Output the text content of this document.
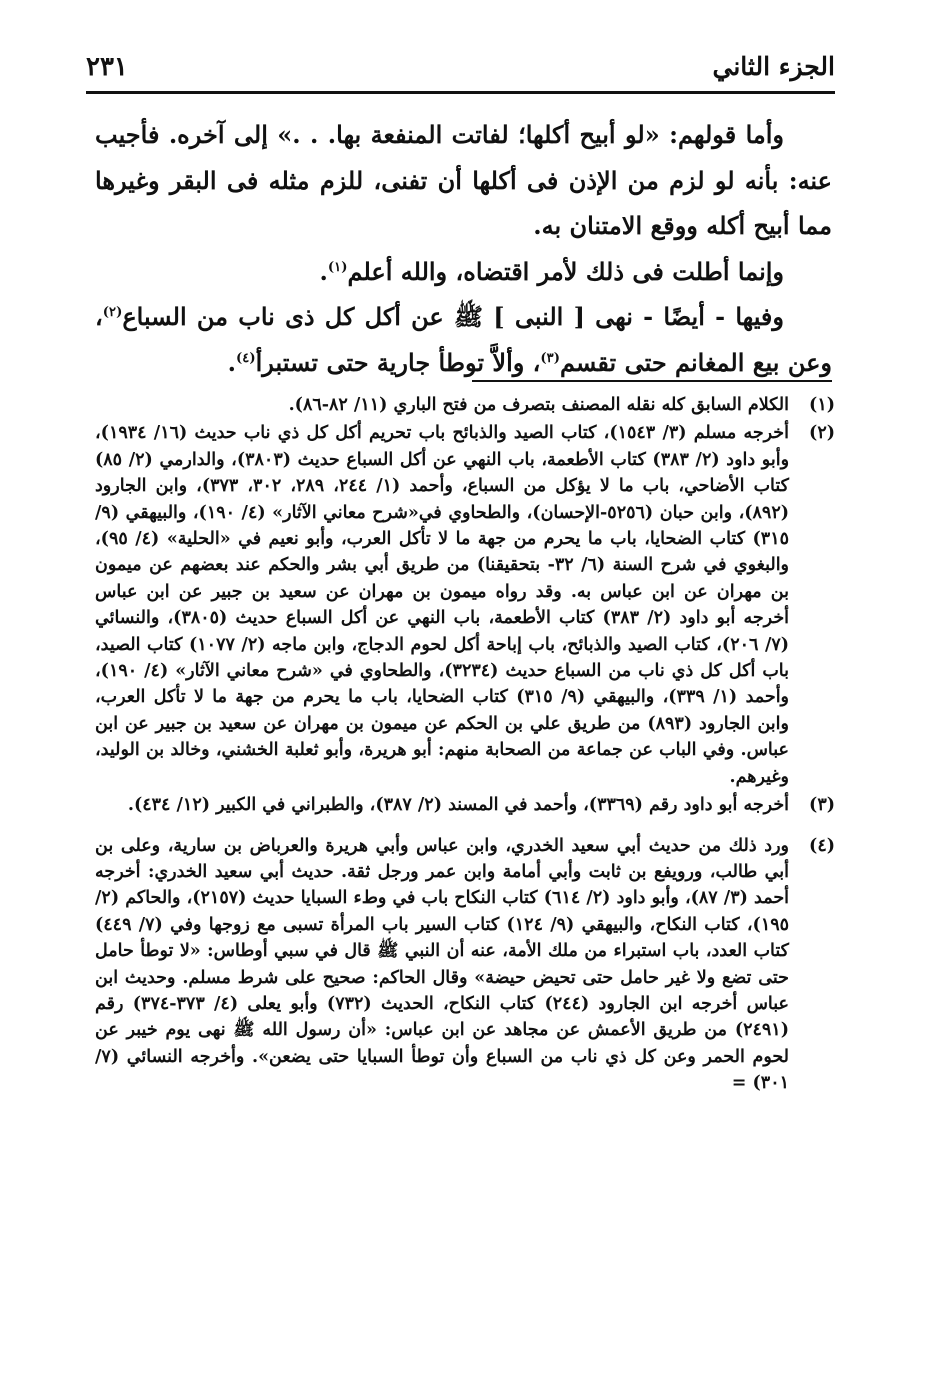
الجزء الثاني
٢٣١

وأما قولهم: «لو أبيح أكلها؛ لفاتت المنفعة بها. . .» إلى آخره. فأجيب عنه: بأنه لو لزم من الإذن فى أكلها أن تفنى، للزم مثله فى البقر وغيرها مما أبيح أكله ووقع الامتنان به.

وإنما أطلت فى ذلك لأمر اقتضاه، والله أعلم$^{(١)}$.

وفيها - أيضًا - نهى [ النبى ] ﷺ عن أكل كل ذى ناب من السباع$^{(٢)}$، وعن بيع المغانم حتى تقسم$^{(٣)}$، وألاَّ توطأ جارية حتى تستبرأ$^{(٤)}$.

(١)
الكلام السابق كله نقله المصنف بتصرف من فتح الباري (١١/ ٨٢-٨٦).
(٢)
أخرجه مسلم (٣/ ١٥٤٣)، كتاب الصيد والذبائح باب تحريم أكل كل ذي ناب حديث (١٦/ ١٩٣٤)، وأبو داود (٢/ ٣٨٣) كتاب الأطعمة، باب النهي عن أكل السباع حديث (٣٨٠٣)، والدارمي (٢/ ٨٥) كتاب الأضاحي، باب ما لا يؤكل من السباع، وأحمد (١/ ٢٤٤، ٢٨٩، ٣٠٢، ٣٧٣)، وابن الجارود (٨٩٢)، وابن حبان (٥٢٥٦-الإحسان)، والطحاوي في«شرح معاني الآثار» (٤/ ١٩٠)، والبيهقي (٩/ ٣١٥) كتاب الضحايا، باب ما يحرم من جهة ما لا تأكل العرب، وأبو نعيم في «الحلية» (٤/ ٩٥)، والبغوي في شرح السنة (٦/ ٣٢- بتحقيقنا) من طريق أبي بشر والحكم عند بعضهم عن ميمون بن مهران عن ابن عباس به. وقد رواه ميمون بن مهران عن سعيد بن جبير عن ابن عباس أخرجه أبو داود (٢/ ٣٨٣) كتاب الأطعمة، باب النهي عن أكل السباع حديث (٣٨٠٥)، والنسائي (٧/ ٢٠٦)، كتاب الصيد والذبائح، باب إباحة أكل لحوم الدجاج، وابن ماجه (٢/ ١٠٧٧) كتاب الصيد، باب أكل كل ذي ناب من السباع حديث (٣٢٣٤)، والطحاوي في «شرح معاني الآثار» (٤/ ١٩٠)، وأحمد (١/ ٣٣٩)، والبيهقي (٩/ ٣١٥) كتاب الضحايا، باب ما يحرم من جهة ما لا تأكل العرب، وابن الجارود (٨٩٣) من طريق علي بن الحكم عن ميمون بن مهران عن سعيد بن جبير عن ابن عباس. وفي الباب عن جماعة من الصحابة منهم: أبو هريرة، وأبو ثعلبة الخشني، وخالد بن الوليد، وغيرهم.
(٣)
أخرجه أبو داود رقم (٣٣٦٩)، وأحمد في المسند (٢/ ٣٨٧)، والطبراني في الكبير (١٢/ ٤٣٤).
(٤)
ورد ذلك من حديث أبي سعيد الخدري، وابن عباس وأبي هريرة والعرباض بن سارية، وعلى بن أبي طالب، ورويفع بن ثابت وأبي أمامة وابن عمر ورجل ثقة. حديث أبي سعيد الخدري: أخرجه أحمد (٣/ ٨٧)، وأبو داود (٢/ ٦١٤) كتاب النكاح باب في وطء السبايا حديث (٢١٥٧)، والحاكم (٢/ ١٩٥)، كتاب النكاح، والبيهقي (٩/ ١٢٤) كتاب السير باب المرأة تسبى مع زوجها وفي (٧/ ٤٤٩) كتاب العدد، باب استبراء من ملك الأمة، عنه أن النبي ﷺ قال في سبي أوطاس: «لا توطأ حامل حتى تضع ولا غير حامل حتى تحيض حيضة» وقال الحاكم: صحيح على شرط مسلم. وحديث ابن عباس أخرجه ابن الجارود (٢٤٤) كتاب النكاح، الحديث (٧٣٢) وأبو يعلى (٤/ ٣٧٣-٣٧٤) رقم (٢٤٩١) من طريق الأعمش عن مجاهد عن ابن عباس: «أن رسول الله ﷺ نهى يوم خيبر عن لحوم الحمر وعن كل ذي ناب من السباع وأن توطأ السبايا حتى يضعن». وأخرجه النسائي (٧/ ٣٠١) =
